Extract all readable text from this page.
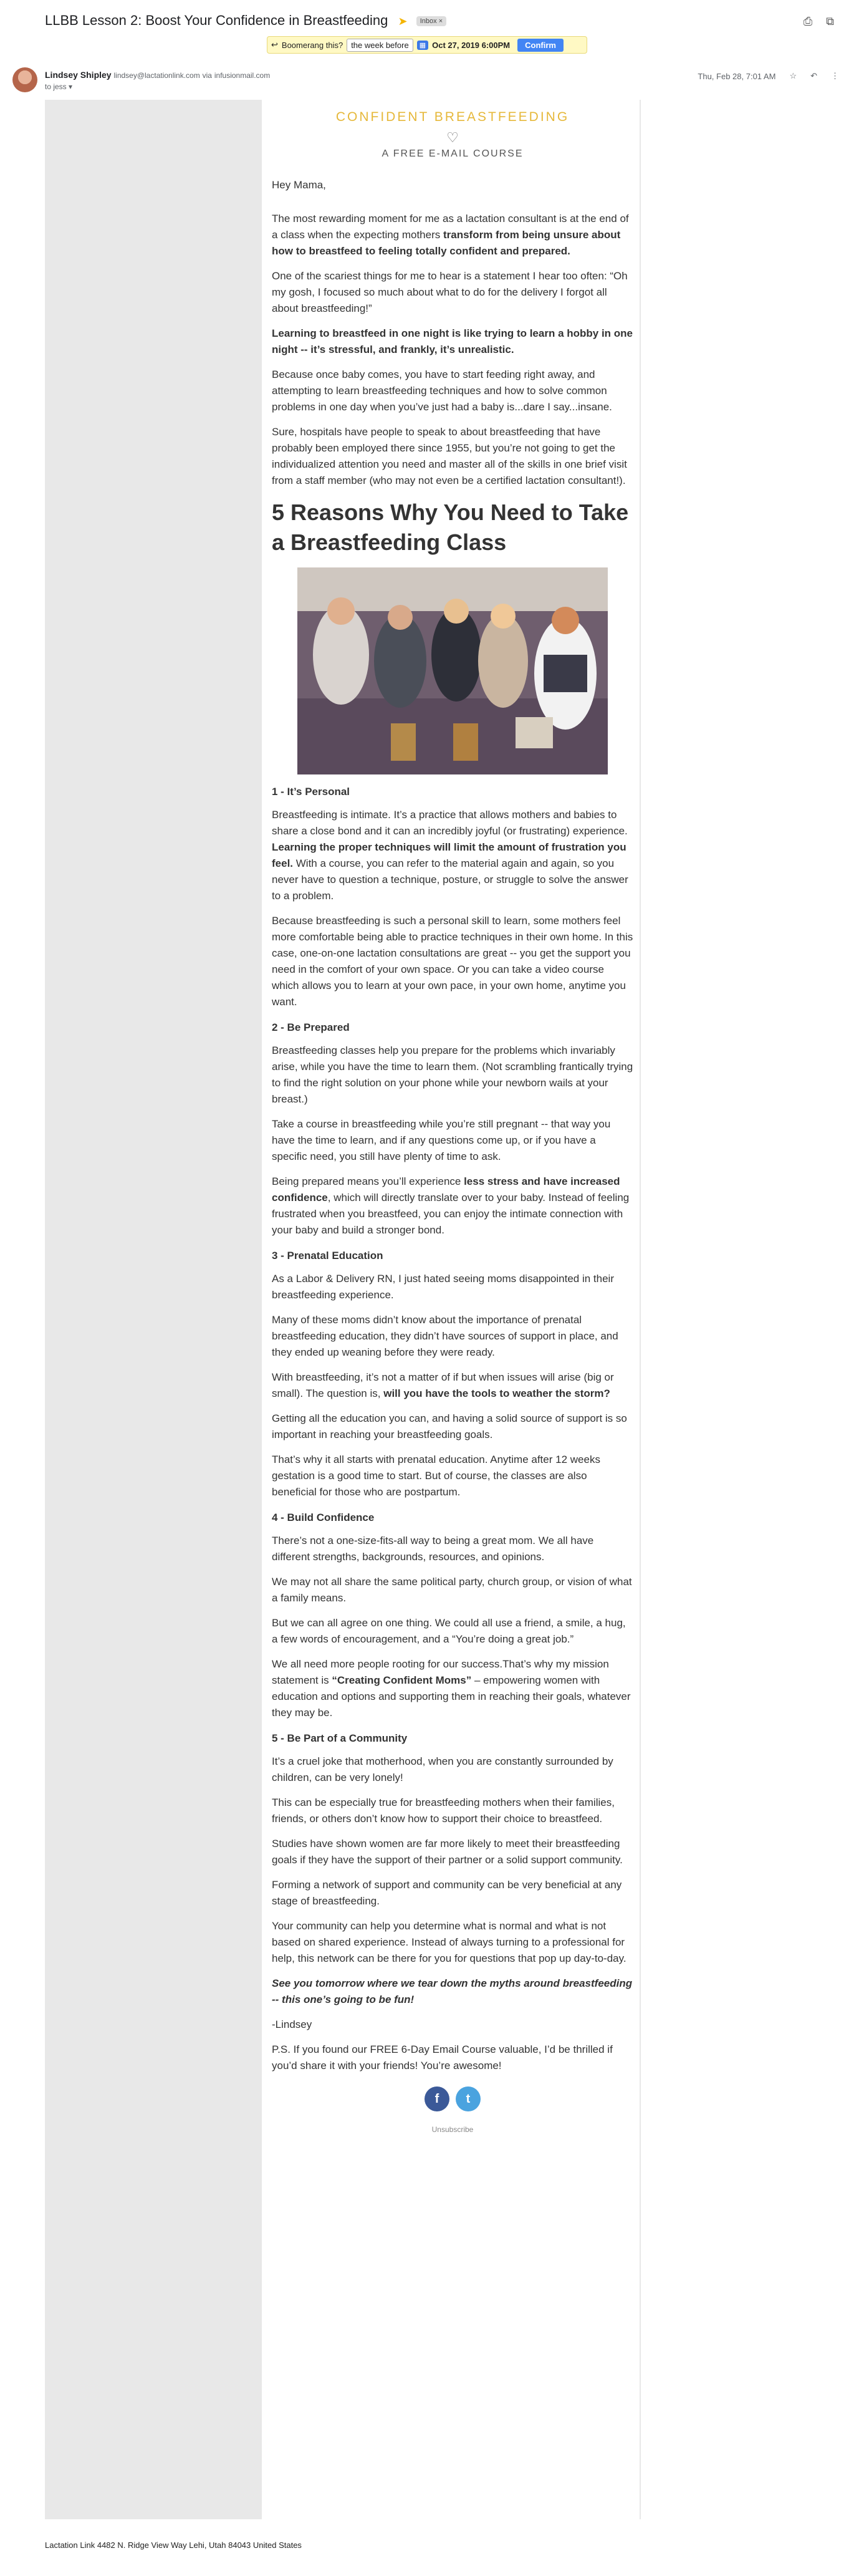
LLBB Lesson 2: Boost Your Confidence in Breastfeeding ➤ Inbox ×	⎙ ⧉
↩ Boomerang this?	the week before	▦ Oct 27, 2019 6:00PM	Confirm
Lindsey Shipley lindsey@lactationlink.com via infusionmail.com
to jess ▾
Thu, Feb 28, 7:01 AM ☆ ↶ ⋮
CONFIDENT BREASTFEEDING
♡
A FREE E-MAIL COURSE

Hey Mama,

The most rewarding moment for me as a lactation consultant is at the end of a class when the expecting mothers transform from being unsure about how to breastfeed to feeling totally confident and prepared.

One of the scariest things for me to hear is a statement I hear too often: “Oh my gosh, I focused so much about what to do for the delivery I forgot all about breastfeeding!”

Learning to breastfeed in one night is like trying to learn a hobby in one night -- it’s stressful, and frankly, it’s unrealistic.

Because once baby comes, you have to start feeding right away, and attempting to learn breastfeeding techniques and how to solve common problems in one day when you’ve just had a baby is...dare I say...insane.

Sure, hospitals have people to speak to about breastfeeding that have probably been employed there since 1955, but you’re not going to get the individualized attention you need and master all of the skills in one brief visit from a staff member (who may not even be a certified lactation consultant!).

5 Reasons Why You Need to Take a Breastfeeding Class
1 - It’s Personal

Breastfeeding is intimate. It’s a practice that allows mothers and babies to share a close bond and it can an incredibly joyful (or frustrating) experience. Learning the proper techniques will limit the amount of frustration you feel. With a course, you can refer to the material again and again, so you never have to question a technique, posture, or struggle to solve the answer to a problem.

Because breastfeeding is such a personal skill to learn, some mothers feel more comfortable being able to practice techniques in their own home. In this case, one-on-one lactation consultations are great -- you get the support you need in the comfort of your own space. Or you can take a video course which allows you to learn at your own pace, in your own home, anytime you want.

2 - Be Prepared

Breastfeeding classes help you prepare for the problems which invariably arise, while you have the time to learn them. (Not scrambling frantically trying to find the right solution on your phone while your newborn wails at your breast.)

Take a course in breastfeeding while you’re still pregnant -- that way you have the time to learn, and if any questions come up, or if you have a specific need, you still have plenty of time to ask.

Being prepared means you’ll experience less stress and have increased confidence, which will directly translate over to your baby. Instead of feeling frustrated when you breastfeed, you can enjoy the intimate connection with your baby and build a stronger bond.

3 - Prenatal Education

As a Labor & Delivery RN, I just hated seeing moms disappointed in their breastfeeding experience.

Many of these moms didn’t know about the importance of prenatal breastfeeding education, they didn’t have sources of support in place, and they ended up weaning before they were ready.

With breastfeeding, it’s not a matter of if but when issues will arise (big or small). The question is, will you have the tools to weather the storm?

Getting all the education you can, and having a solid source of support is so important in reaching your breastfeeding goals.

That’s why it all starts with prenatal education. Anytime after 12 weeks gestation is a good time to start. But of course, the classes are also beneficial for those who are postpartum.

4 - Build Confidence

There’s not a one-size-fits-all way to being a great mom. We all have different strengths, backgrounds, resources, and opinions.

We may not all share the same political party, church group, or vision of what a family means.

But we can all agree on one thing. We could all use a friend, a smile, a hug, a few words of encouragement, and a “You’re doing a great job.”

We all need more people rooting for our success.That’s why my mission statement is “Creating Confident Moms” – empowering women with education and options and supporting them in reaching their goals, whatever they may be.

5 - Be Part of a Community

It’s a cruel joke that motherhood, when you are constantly surrounded by children, can be very lonely!

This can be especially true for breastfeeding mothers when their families, friends, or others don’t know how to support their choice to breastfeed.

Studies have shown women are far more likely to meet their breastfeeding goals if they have the support of their partner or a solid support community.

Forming a network of support and community can be very beneficial at any stage of breastfeeding.

Your community can help you determine what is normal and what is not based on shared experience. Instead of always turning to a professional for help, this network can be there for you for questions that pop up day-to-day.

See you tomorrow where we tear down the myths around breastfeeding -- this one’s going to be fun!

-Lindsey

P.S. If you found our FREE 6-Day Email Course valuable, I’d be thrilled if you’d share it with your friends! You’re awesome!

f	t
Unsubscribe
Lactation Link 4482 N. Ridge View Way Lehi, Utah 84043 United States
